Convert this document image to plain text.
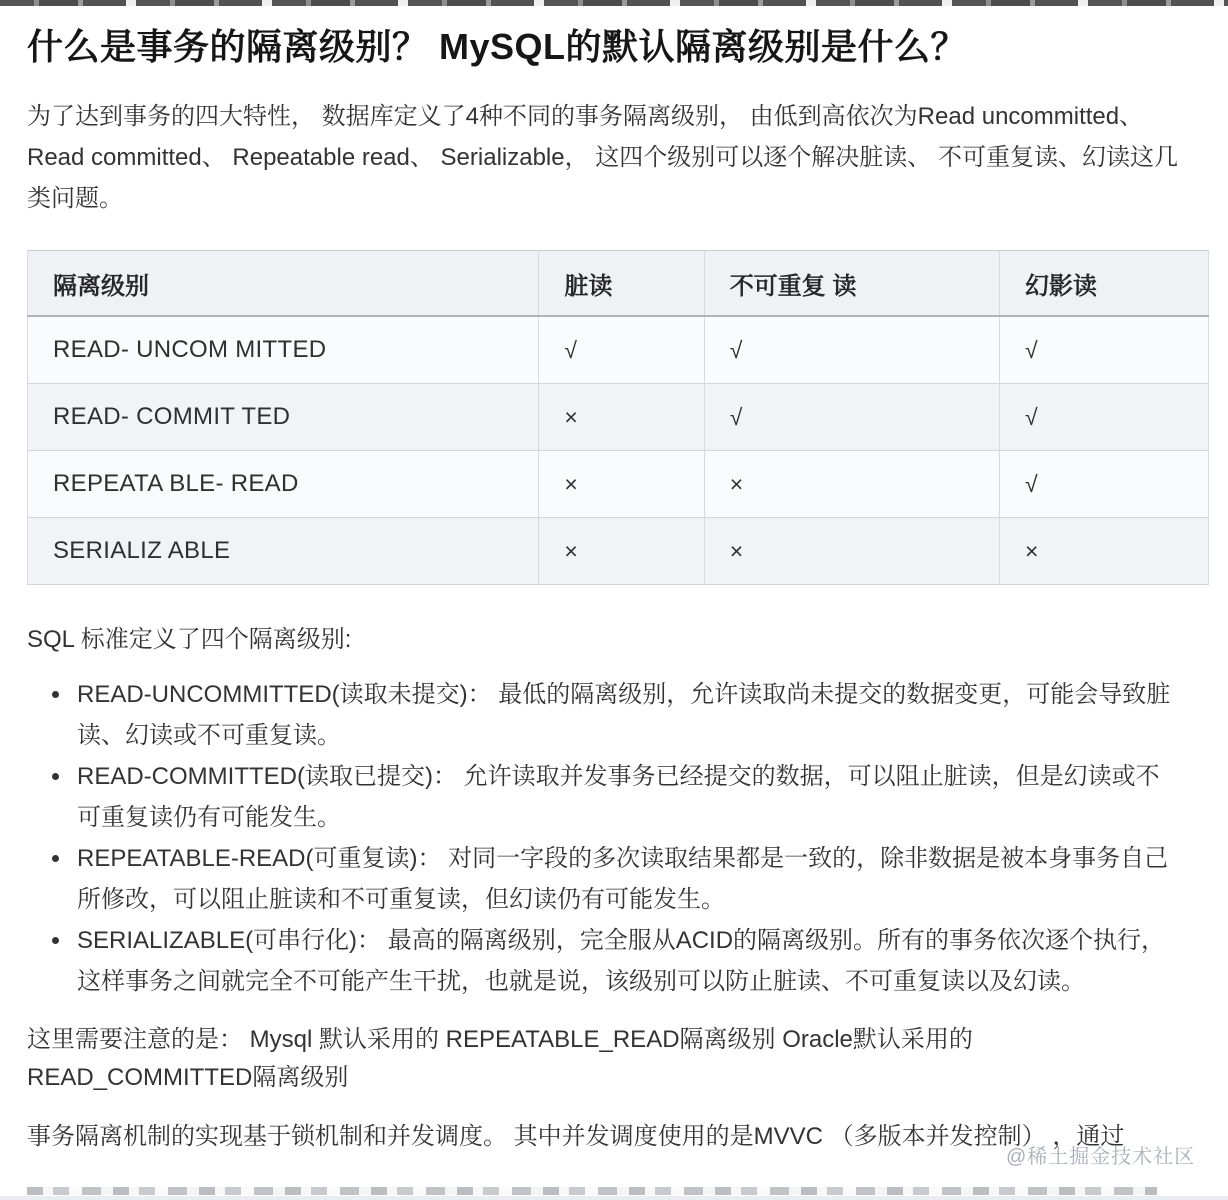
什么是事务的隔离级别？ MySQL的默认隔离级别是什么？

为了达到事务的四大特性， 数据库定义了4种不同的事务隔离级别， 由低到高依次为Read uncommitted、 Read committed、 Repeatable read、 Serializable， 这四个级别可以逐个解决脏读、 不可重复读、幻读这几类问题。

隔离级别	脏读	不可重复 读	幻影读
READ- UNCOM MITTED	√	√	√
READ- COMMIT TED	×	√	√
REPEATA BLE- READ	×	×	√
SERIALIZ ABLE	×	×	×

SQL 标准定义了四个隔离级别:

• READ-UNCOMMITTED(读取未提交)： 最低的隔离级别，允许读取尚未提交的数据变更，可能会导致脏读、幻读或不可重复读。
• READ-COMMITTED(读取已提交)： 允许读取并发事务已经提交的数据，可以阻止脏读，但是幻读或不可重复读仍有可能发生。
• REPEATABLE-READ(可重复读)： 对同一字段的多次读取结果都是一致的，除非数据是被本身事务自己所修改，可以阻止脏读和不可重复读，但幻读仍有可能发生。
• SERIALIZABLE(可串行化)： 最高的隔离级别，完全服从ACID的隔离级别。所有的事务依次逐个执行，这样事务之间就完全不可能产生干扰，也就是说，该级别可以防止脏读、不可重复读以及幻读。

这里需要注意的是： Mysql 默认采用的 REPEATABLE_READ隔离级别 Oracle默认采用的READ_COMMITTED隔离级别

事务隔离机制的实现基于锁机制和并发调度。 其中并发调度使用的是MVVC （多版本并发控制） ，通过

@稀土掘金技术社区
